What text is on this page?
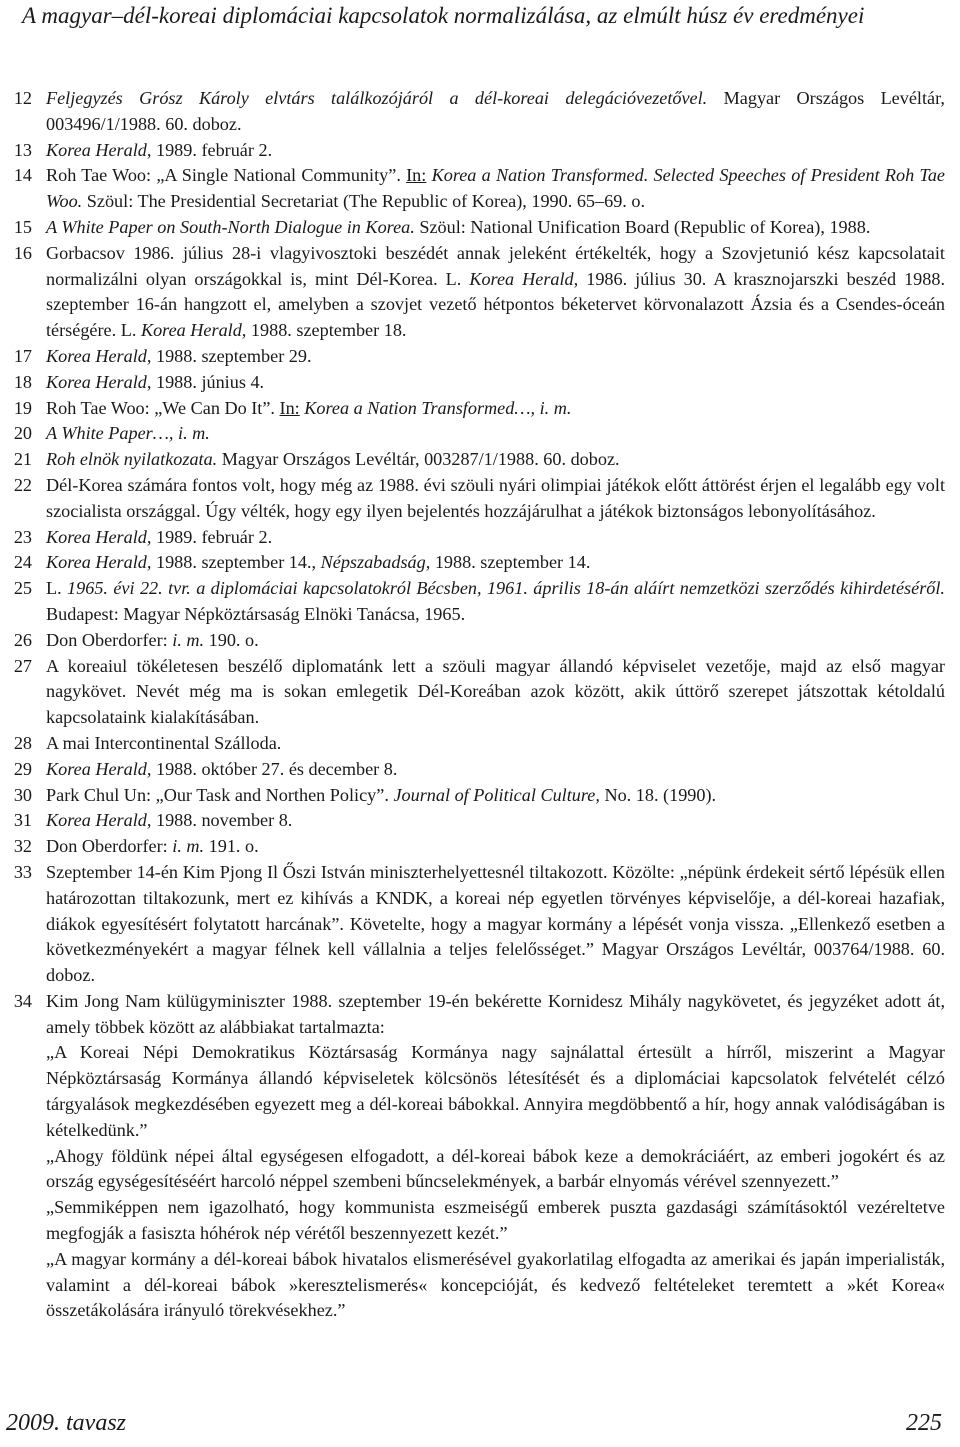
A magyar–dél-koreai diplomáciai kapcsolatok normalizálása, az elmúlt húsz év eredményei
12 Feljegyzés Grósz Károly elvtárs találkozójáról a dél-koreai delegációvezetővel. Magyar Országos Levéltár, 003496/1/1988. 60. doboz.
13 Korea Herald, 1989. február 2.
14 Roh Tae Woo: „A Single National Community”. In: Korea a Nation Transformed. Selected Speeches of President Roh Tae Woo. Szöul: The Presidential Secretariat (The Republic of Korea), 1990. 65–69. o.
15 A White Paper on South-North Dialogue in Korea. Szöul: National Unification Board (Republic of Korea), 1988.
16 Gorbacsov 1986. július 28-i vlagyivosztoki beszédét annak jeleként értékelték, hogy a Szovjetunió kész kapcsolatait normalizálni olyan országokkal is, mint Dél-Korea. L. Korea Herald, 1986. július 30. A krasznojarszki beszéd 1988. szeptember 16-án hangzott el, amelyben a szovjet vezető hétpontos béketervet körvonalazott Ázsia és a Csendes-óceán térségére. L. Korea Herald, 1988. szeptember 18.
17 Korea Herald, 1988. szeptember 29.
18 Korea Herald, 1988. június 4.
19 Roh Tae Woo: „We Can Do It”. In: Korea a Nation Transformed…, i. m.
20 A White Paper…, i. m.
21 Roh elnök nyilatkozata. Magyar Országos Levéltár, 003287/1/1988. 60. doboz.
22 Dél-Korea számára fontos volt, hogy még az 1988. évi szöuli nyári olimpiai játékok előtt áttörést érjen el legalább egy volt szocialista országgal. Úgy vélték, hogy egy ilyen bejelentés hozzájárulhat a játékok biztonságos lebonyolításához.
23 Korea Herald, 1989. február 2.
24 Korea Herald, 1988. szeptember 14., Népszabadság, 1988. szeptember 14.
25 L. 1965. évi 22. tvr. a diplomáciai kapcsolatokról Bécsben, 1961. április 18-án aláírt nemzetközi szerződés kihirdetéséről. Budapest: Magyar Népköztársaság Elnöki Tanácsa, 1965.
26 Don Oberdorfer: i. m. 190. o.
27 A koreaiul tökéletesen beszélő diplomatánk lett a szöuli magyar állandó képviselet vezetője, majd az első magyar nagykövet. Nevét még ma is sokan emlegetik Dél-Koreában azok között, akik úttörő szerepet játszottak kétoldalú kapcsolataink kialakításában.
28 A mai Intercontinental Szálloda.
29 Korea Herald, 1988. október 27. és december 8.
30 Park Chul Un: „Our Task and Northen Policy”. Journal of Political Culture, No. 18. (1990).
31 Korea Herald, 1988. november 8.
32 Don Oberdorfer: i. m. 191. o.
33 Szeptember 14-én Kim Pjong Il Őszi István miniszterhelyettesnél tiltakozott. Közölte: „népünk érdekeit sértő lépésük ellen határozottan tiltakozunk, mert ez kihívás a KNDK, a koreai nép egyetlen törvényes képviselője, a dél-koreai hazafiak, diákok egyesítésért folytatott harcának”. Követelte, hogy a magyar kormány a lépését vonja vissza. „Ellenkező esetben a következményekért a magyar félnek kell vállalnia a teljes felelősséget.” Magyar Országos Levéltár, 003764/1988. 60. doboz.
34 Kim Jong Nam külügyminiszter 1988. szeptember 19-én bekérette Kornidesz Mihály nagykövetet, és jegyzéket adott át, amely többek között az alábbiakat tartalmazta:
„A Koreai Népi Demokratikus Köztársaság Kormánya nagy sajnálattal értesült a hírről, miszerint a Magyar Népköztársaság Kormánya állandó képviseletek kölcsönös létesítését és a diplomáciai kapcsolatok felvételét célzó tárgyalások megkezdésében egyezett meg a dél-koreai bábokkal. Annyira megdöbbentő a hír, hogy annak valódiságában is kételkedünk.”
„Ahogy földünk népei által egységesen elfogadott, a dél-koreai bábok keze a demokráciáért, az emberi jogokért és az ország egységesítéséért harcoló néppel szembeni bűncselekmények, a barbár elnyomás vérével szennyezett.”
„Semmiképpen nem igazolható, hogy kommunista eszmeiségű emberek puszta gazdasági számításoktól vezéreltetve megfogják a fasiszta hóhérok nép vérétől beszennyezett kezét.”
„A magyar kormány a dél-koreai bábok hivatalos elismerésével gyakorlatilag elfogadta az amerikai és japán imperialisták, valamint a dél-koreai bábok »keresztelismerés« koncepcióját, és kedvező feltételeket teremtett a »két Korea« összetákolására irányuló törekvésekhez.”
2009. tavasz	225
